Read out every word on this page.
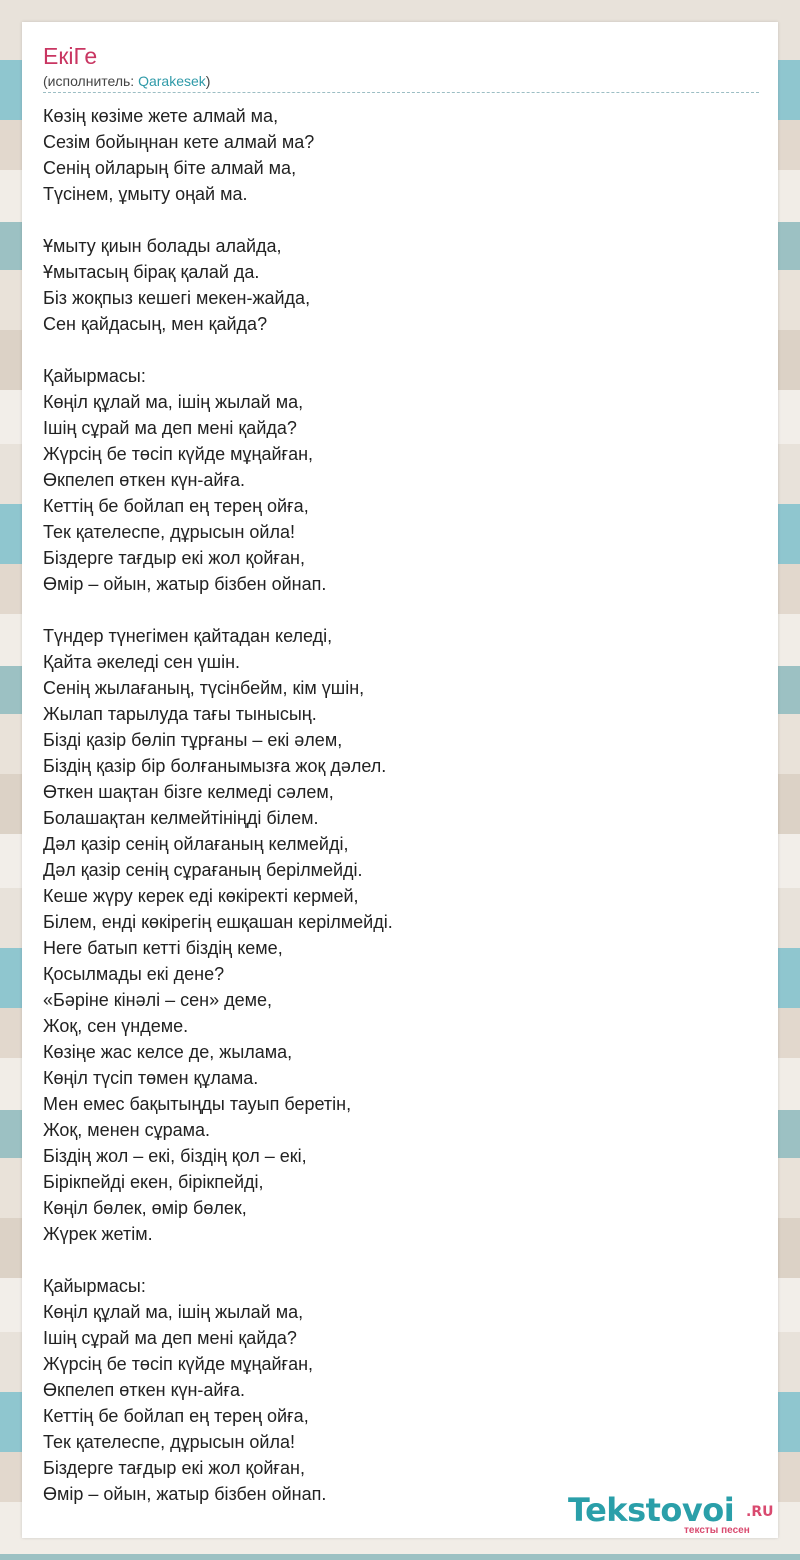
ЕкіГе
(исполнитель: Qarakesek)
Көзің көзіме жете алмай ма,
Сезім бойыңнан кете алмай ма?
Сенің ойларың біте алмай ма,
Түсінем, ұмыту оңай ма.
Ұмыту қиын болады алайда,
Ұмытасың бірақ қалай да.
Біз жоқпыз кешегі мекен-жайда,
Сен қайдасың, мен қайда?
Қайырмасы:
Көңіл құлай ма, ішің жылай ма,
Ішің сұрай ма деп мені қайда?
Жүрсің бе төсіп күйде мұңайған,
Өкпелеп өткен күн-айға.
Кеттің бе бойлап ең терең ойға,
Тек қателеспе, дұрысын ойла!
Біздерге тағдыр екі жол қойған,
Өмір – ойын, жатыр бізбен ойнап.
Түндер түнегімен қайтадан келеді,
Қайта әкеледі сен үшін.
Сенің жылағаның, түсінбейм, кім үшін,
Жылап тарылуда тағы тынысың.
Бізді қазір бөліп тұрғаны – екі әлем,
Біздің қазір бір болғанымызға жоқ дәлел.
Өткен шақтан бізге келмеді сәлем,
Болашақтан келмейтініңді білем.
Дәл қазір сенің ойлағаның келмейді,
Дәл қазір сенің сұрағаның берілмейді.
Кеше жүру керек еді көкіректі кермей,
Білем, енді көкірегің ешқашан керілмейді.
Неге батып кетті біздің кеме,
Қосылмады екі дене?
«Бәріне кінәлі – сен» деме,
Жоқ, сен үндеме.
Көзіңе жас келсе де, жылама,
Көңіл түсіп төмен құлама.
Мен емес бақытыңды тауып беретін,
Жоқ, менен сұрама.
Біздің жол – екі, біздің қол – екі,
Бірікпейді екен, бірікпейді,
Көңіл бөлек, өмір бөлек,
Жүрек жетім.
Қайырмасы:
Көңіл құлай ма, ішің жылай ма,
Ішің сұрай ма деп мені қайда?
Жүрсің бе төсіп күйде мұңайған,
Өкпелеп өткен күн-айға.
Кеттің бе бойлап ең терең ойға,
Тек қателеспе, дұрысын ойла!
Біздерге тағдыр екі жол қойған,
Өмір – ойын, жатыр бізбен ойнап.	Tekstovoi .RU
тексты песен
